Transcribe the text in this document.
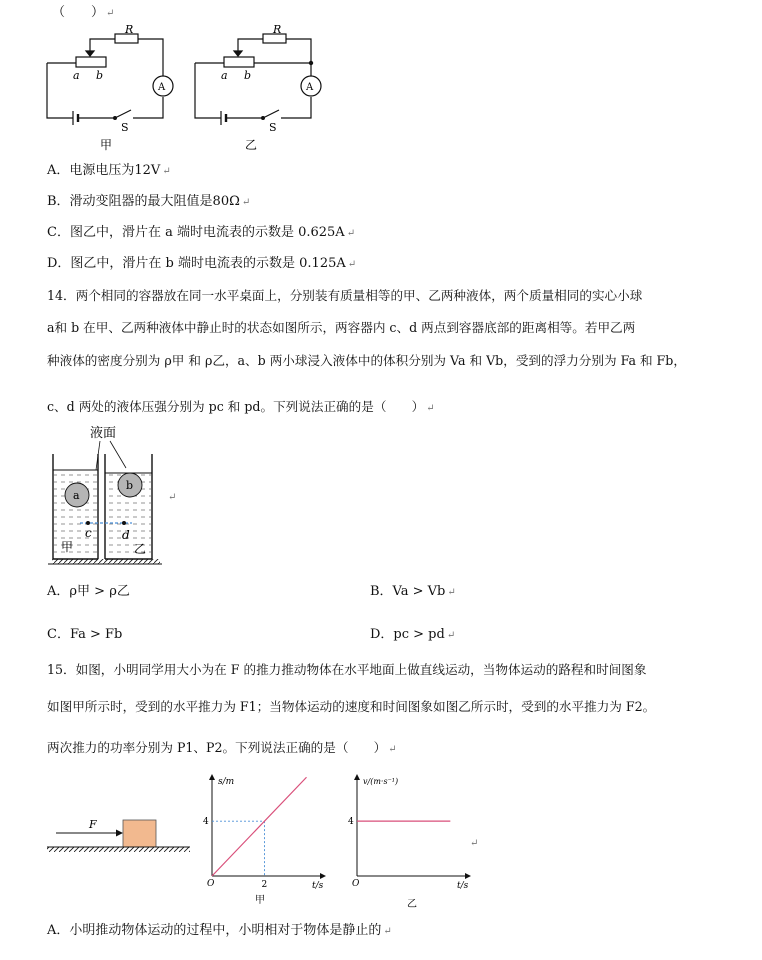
（　　） ↵
R	R
a b	a b
A	A
S	S
甲	乙
A．电源电压为12V ↵
B．滑动变阻器的最大阻值是80Ω ↵
C．图乙中，滑片在 a 端时电流表的示数是 0.625A ↵
D．图乙中，滑片在 b 端时电流表的示数是 0.125A ↵
14．两个相同的容器放在同一水平桌面上，分别装有质量相等的甲、乙两种液体，两个质量相同的实心小球
a和 b 在甲、乙两种液体中静止时的状态如图所示，两容器内 c、d 两点到容器底部的距离相等。若甲乙两
种液体的密度分别为 ρ甲 和 ρ乙，a、b 两小球浸入液体中的体积分别为 Va 和 Vb，受到的浮力分别为 Fa 和 Fb，
c、d 两处的液体压强分别为 pc 和 pd。下列说法正确的是（　　） ↵
液面
a
b
c	d
甲	乙
↵
A．ρ甲 > ρ乙	B．Va > Vb ↵
C．Fa > Fb	D．pc > pd ↵
15．如图，小明同学用大小为在 F 的推力推动物体在水平地面上做直线运动，当物体运动的路程和时间图象
如图甲所示时，受到的水平推力为 F1；当物体运动的速度和时间图象如图乙所示时，受到的水平推力为 F2。
两次推力的功率分别为 P1、P2。下列说法正确的是（　　） ↵
F
s/m
t/s
O	2
4
甲
v/(m·s⁻¹)
t/s
O
4
乙
↵
A．小明推动物体运动的过程中，小明相对于物体是静止的 ↵
